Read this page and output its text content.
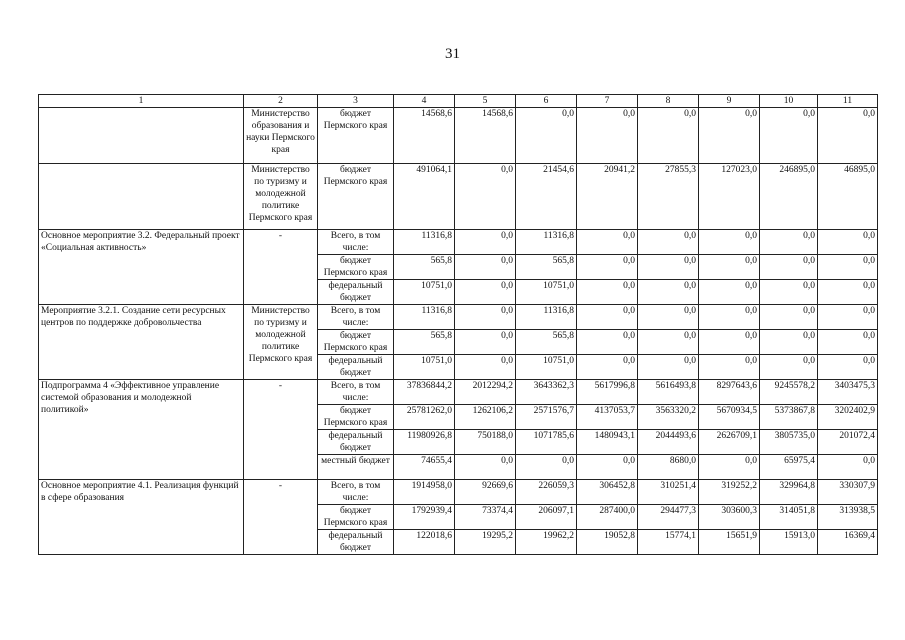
31
1	2	3	4	5	6	7	8	9	10	11
	Министерство образования и науки Пермского края	бюджет Пермского края	14568,6	14568,6	0,0	0,0	0,0	0,0	0,0	0,0
	Министерство по туризму и молодежной политике Пермского края	бюджет Пермского края	491064,1	0,0	21454,6	20941,2	27855,3	127023,0	246895,0	46895,0
Основное мероприятие 3.2. Федеральный проект «Социальная активность»	-	Всего, в том числе:	11316,8	0,0	11316,8	0,0	0,0	0,0	0,0	0,0
		бюджет Пермского края	565,8	0,0	565,8	0,0	0,0	0,0	0,0	0,0
		федеральный бюджет	10751,0	0,0	10751,0	0,0	0,0	0,0	0,0	0,0
Мероприятие 3.2.1. Создание сети ресурсных центров по поддержке добровольчества	Министерство по туризму и молодежной политике Пермского края	Всего, в том числе:	11316,8	0,0	11316,8	0,0	0,0	0,0	0,0	0,0
		бюджет Пермского края	565,8	0,0	565,8	0,0	0,0	0,0	0,0	0,0
		федеральный бюджет	10751,0	0,0	10751,0	0,0	0,0	0,0	0,0	0,0
Подпрограмма 4 «Эффективное управление системой образования и молодежной политикой»	-	Всего, в том числе:	37836844,2	2012294,2	3643362,3	5617996,8	5616493,8	8297643,6	9245578,2	3403475,3
		бюджет Пермского края	25781262,0	1262106,2	2571576,7	4137053,7	3563320,2	5670934,5	5373867,8	3202402,9
		федеральный бюджет	11980926,8	750188,0	1071785,6	1480943,1	2044493,6	2626709,1	3805735,0	201072,4
		местный бюджет	74655,4	0,0	0,0	0,0	8680,0	0,0	65975,4	0,0
Основное мероприятие 4.1. Реализация функций в сфере образования	-	Всего, в том числе:	1914958,0	92669,6	226059,3	306452,8	310251,4	319252,2	329964,8	330307,9
		бюджет Пермского края	1792939,4	73374,4	206097,1	287400,0	294477,3	303600,3	314051,8	313938,5
		федеральный бюджет	122018,6	19295,2	19962,2	19052,8	15774,1	15651,9	15913,0	16369,4
